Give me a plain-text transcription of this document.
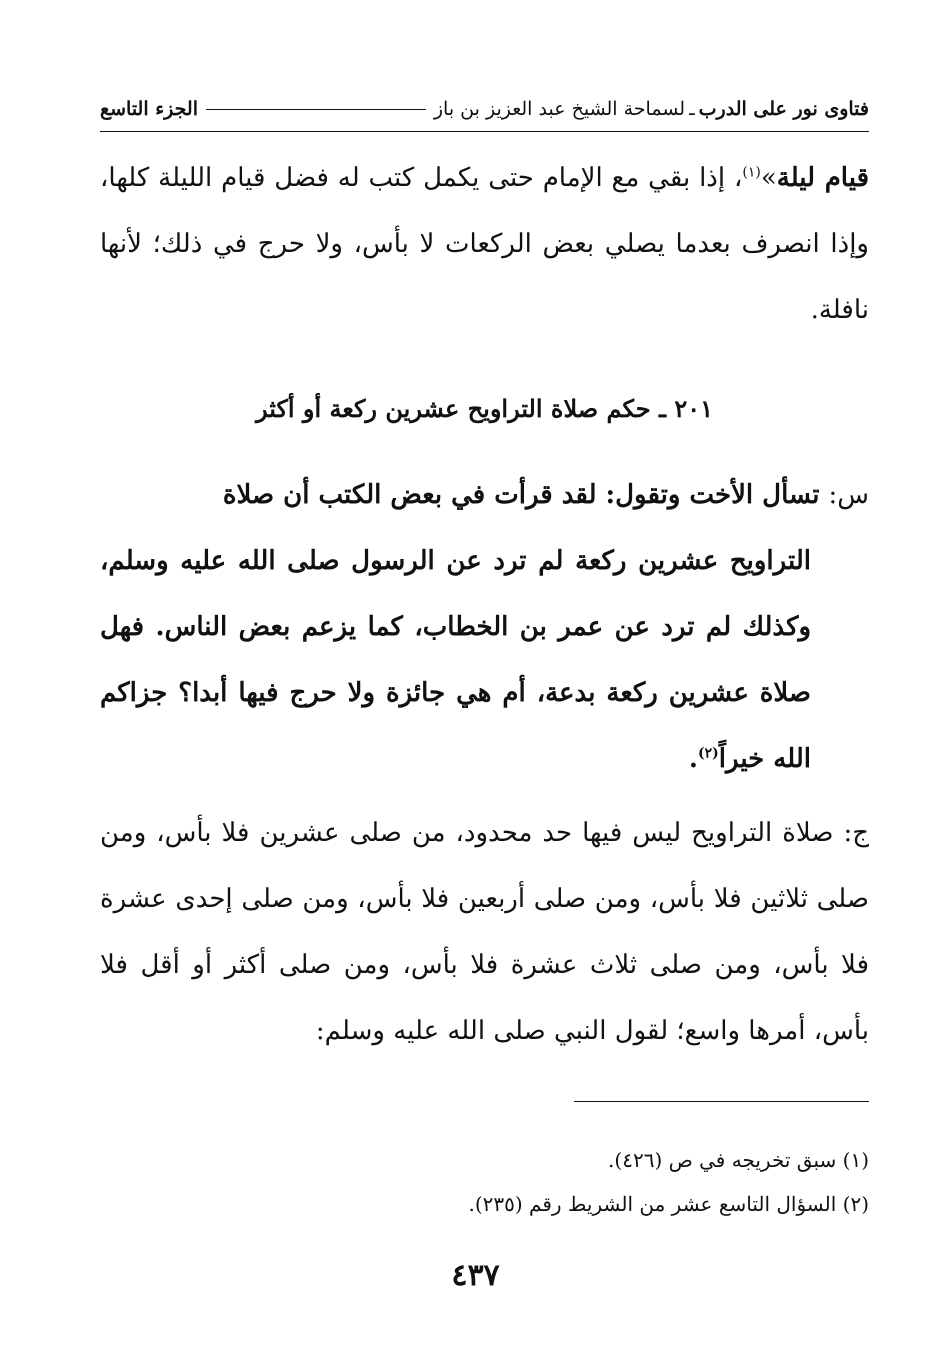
فتاوى نور على الدرب
ـ
لسماحة الشيخ عبد العزيز بن باز
الجزء التاسع
قيام ليلة»$^{(١)}$، إذا بقي مع الإمام حتى يكمل كتب له فضل قيام الليلة كلها، وإذا انصرف بعدما يصلي بعض الركعات لا بأس، ولا حرج في ذلك؛ لأنها نافلة.
٢٠١ ـ حكم صلاة التراويح عشرين ركعة أو أكثر
س: تسأل الأخت وتقول: لقد قرأت في بعض الكتب أن صلاة
التراويح عشرين ركعة لم ترد عن الرسول صلى الله عليه وسلم، وكذلك لم ترد عن عمر بن الخطاب، كما يزعم بعض الناس. فهل صلاة عشرين ركعة بدعة، أم هي جائزة ولا حرج فيها أبدا؟ جزاكم الله خيراً$^{(٢)}$.
ج: صلاة التراويح ليس فيها حد محدود، من صلى عشرين فلا بأس، ومن صلى ثلاثين فلا بأس، ومن صلى أربعين فلا بأس، ومن صلى إحدى عشرة فلا بأس، ومن صلى ثلاث عشرة فلا بأس، ومن صلى أكثر أو أقل فلا بأس، أمرها واسع؛ لقول النبي صلى الله عليه وسلم:
(١) سبق تخريجه في ص (٤٢٦).
(٢) السؤال التاسع عشر من الشريط رقم (٢٣٥).
٤٣٧
